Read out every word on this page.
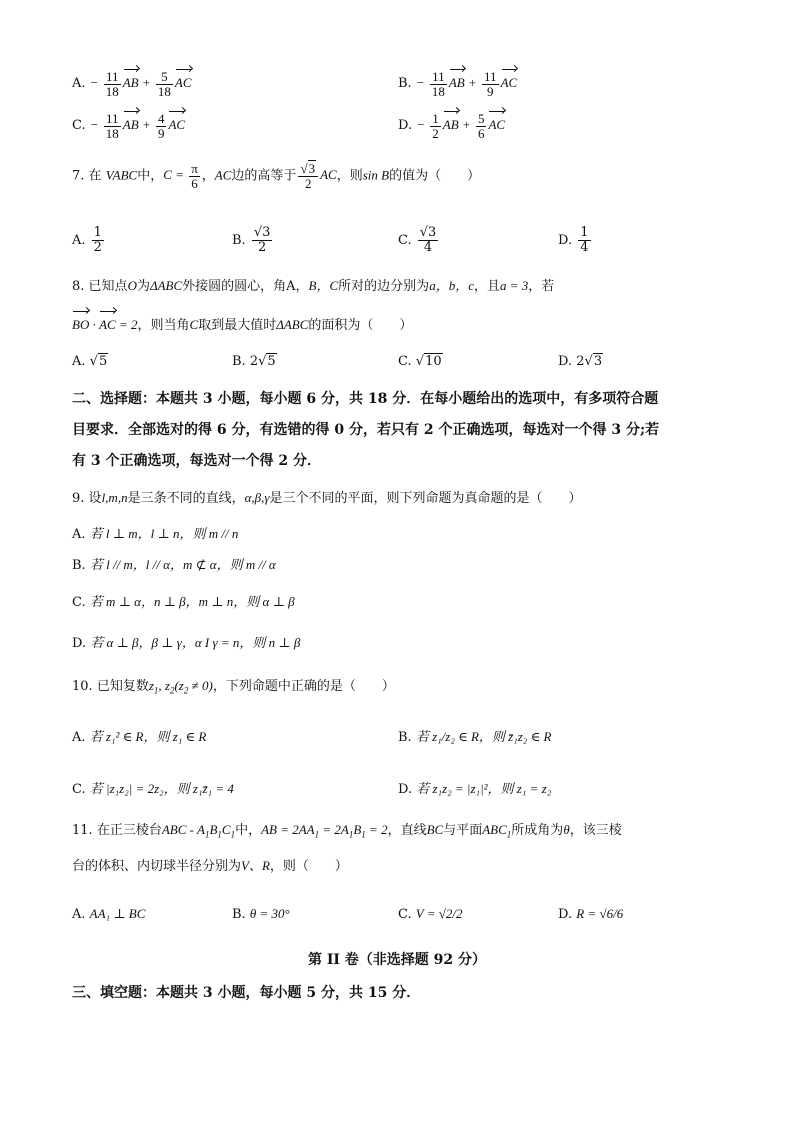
A. − $\frac{11}{18}$ AB + $\frac{5}{18}$ AC	B. − $\frac{11}{18}$ AB + $\frac{11}{9}$ AC
C. − $\frac{11}{18}$ AB + $\frac{4}{9}$ AC	D. − $\frac{1}{2}$ AB + $\frac{5}{6}$ AC
7. 在 VABC中，$C = \frac{\pi}{6}$ ，AC边的高等于 $\frac{√3}{2}$ AC，则sin B的值为（　　）
A. $\frac{1}{2}$	B. $\frac{√3}{2}$	C. $\frac{√3}{4}$	D. $\frac{1}{4}$
8. 已知点O为ΔABC外接圆的圆心，角A，B，C所对的边分别为a，b，c，且a = 3，若
BO · AC = 2，则当角C取到最大值时ΔABC的面积为（　　）
A. √5	B. 2√5	C. √10	D. 2√3
二、选择题：本题共 3 小题，每小题 6 分，共 18 分．在每小题给出的选项中，有多项符合题
目要求．全部选对的得 6 分，有选错的得 0 分，若只有 2 个正确选项，每选对一个得 3 分;若
有 3 个正确选项，每选对一个得 2 分．
9. 设l,m,n是三条不同的直线，α,β,γ是三个不同的平面，则下列命题为真命题的是（　　）
A. 若 l ⊥ m，l ⊥ n，则 m // n
B. 若 l // m，l // α，m ⊄ α，则 m // α
C. 若 m ⊥ α，n ⊥ β，m ⊥ n，则 α ⊥ β
D. 若 α ⊥ β，β ⊥ γ，α I γ = n，则 n ⊥ β
10. 已知复数$z_1$, $z_2(z_2 \ne 0)$，下列命题中正确的是（　　）
A. 若 z₁² ∈ R，则 z₁ ∈ R	B. 若 z₁/z₂ ∈ R，则 z̄₁z₂ ∈ R
C. 若 |z₁z₂| = 2z₂，则 z₁z̄₁ = 4	D. 若 z₁z₂ = |z₁|²，则 z₁ = z₂
11. 在正三棱台ABC - $A_1B_1C_1$中，AB = $2AA_1 = 2A_1B_1 = 2$，直线BC与平面$ABC_1$所成角为θ，该三棱
台的体积、内切球半径分别为V、R，则（　　）
A. AA₁ ⊥ BC	B. θ = 30°	C. V = √2/2	D. R = √6/6
第 II 卷（非选择题 92 分）
三、填空题：本题共 3 小题，每小题 5 分，共 15 分．
